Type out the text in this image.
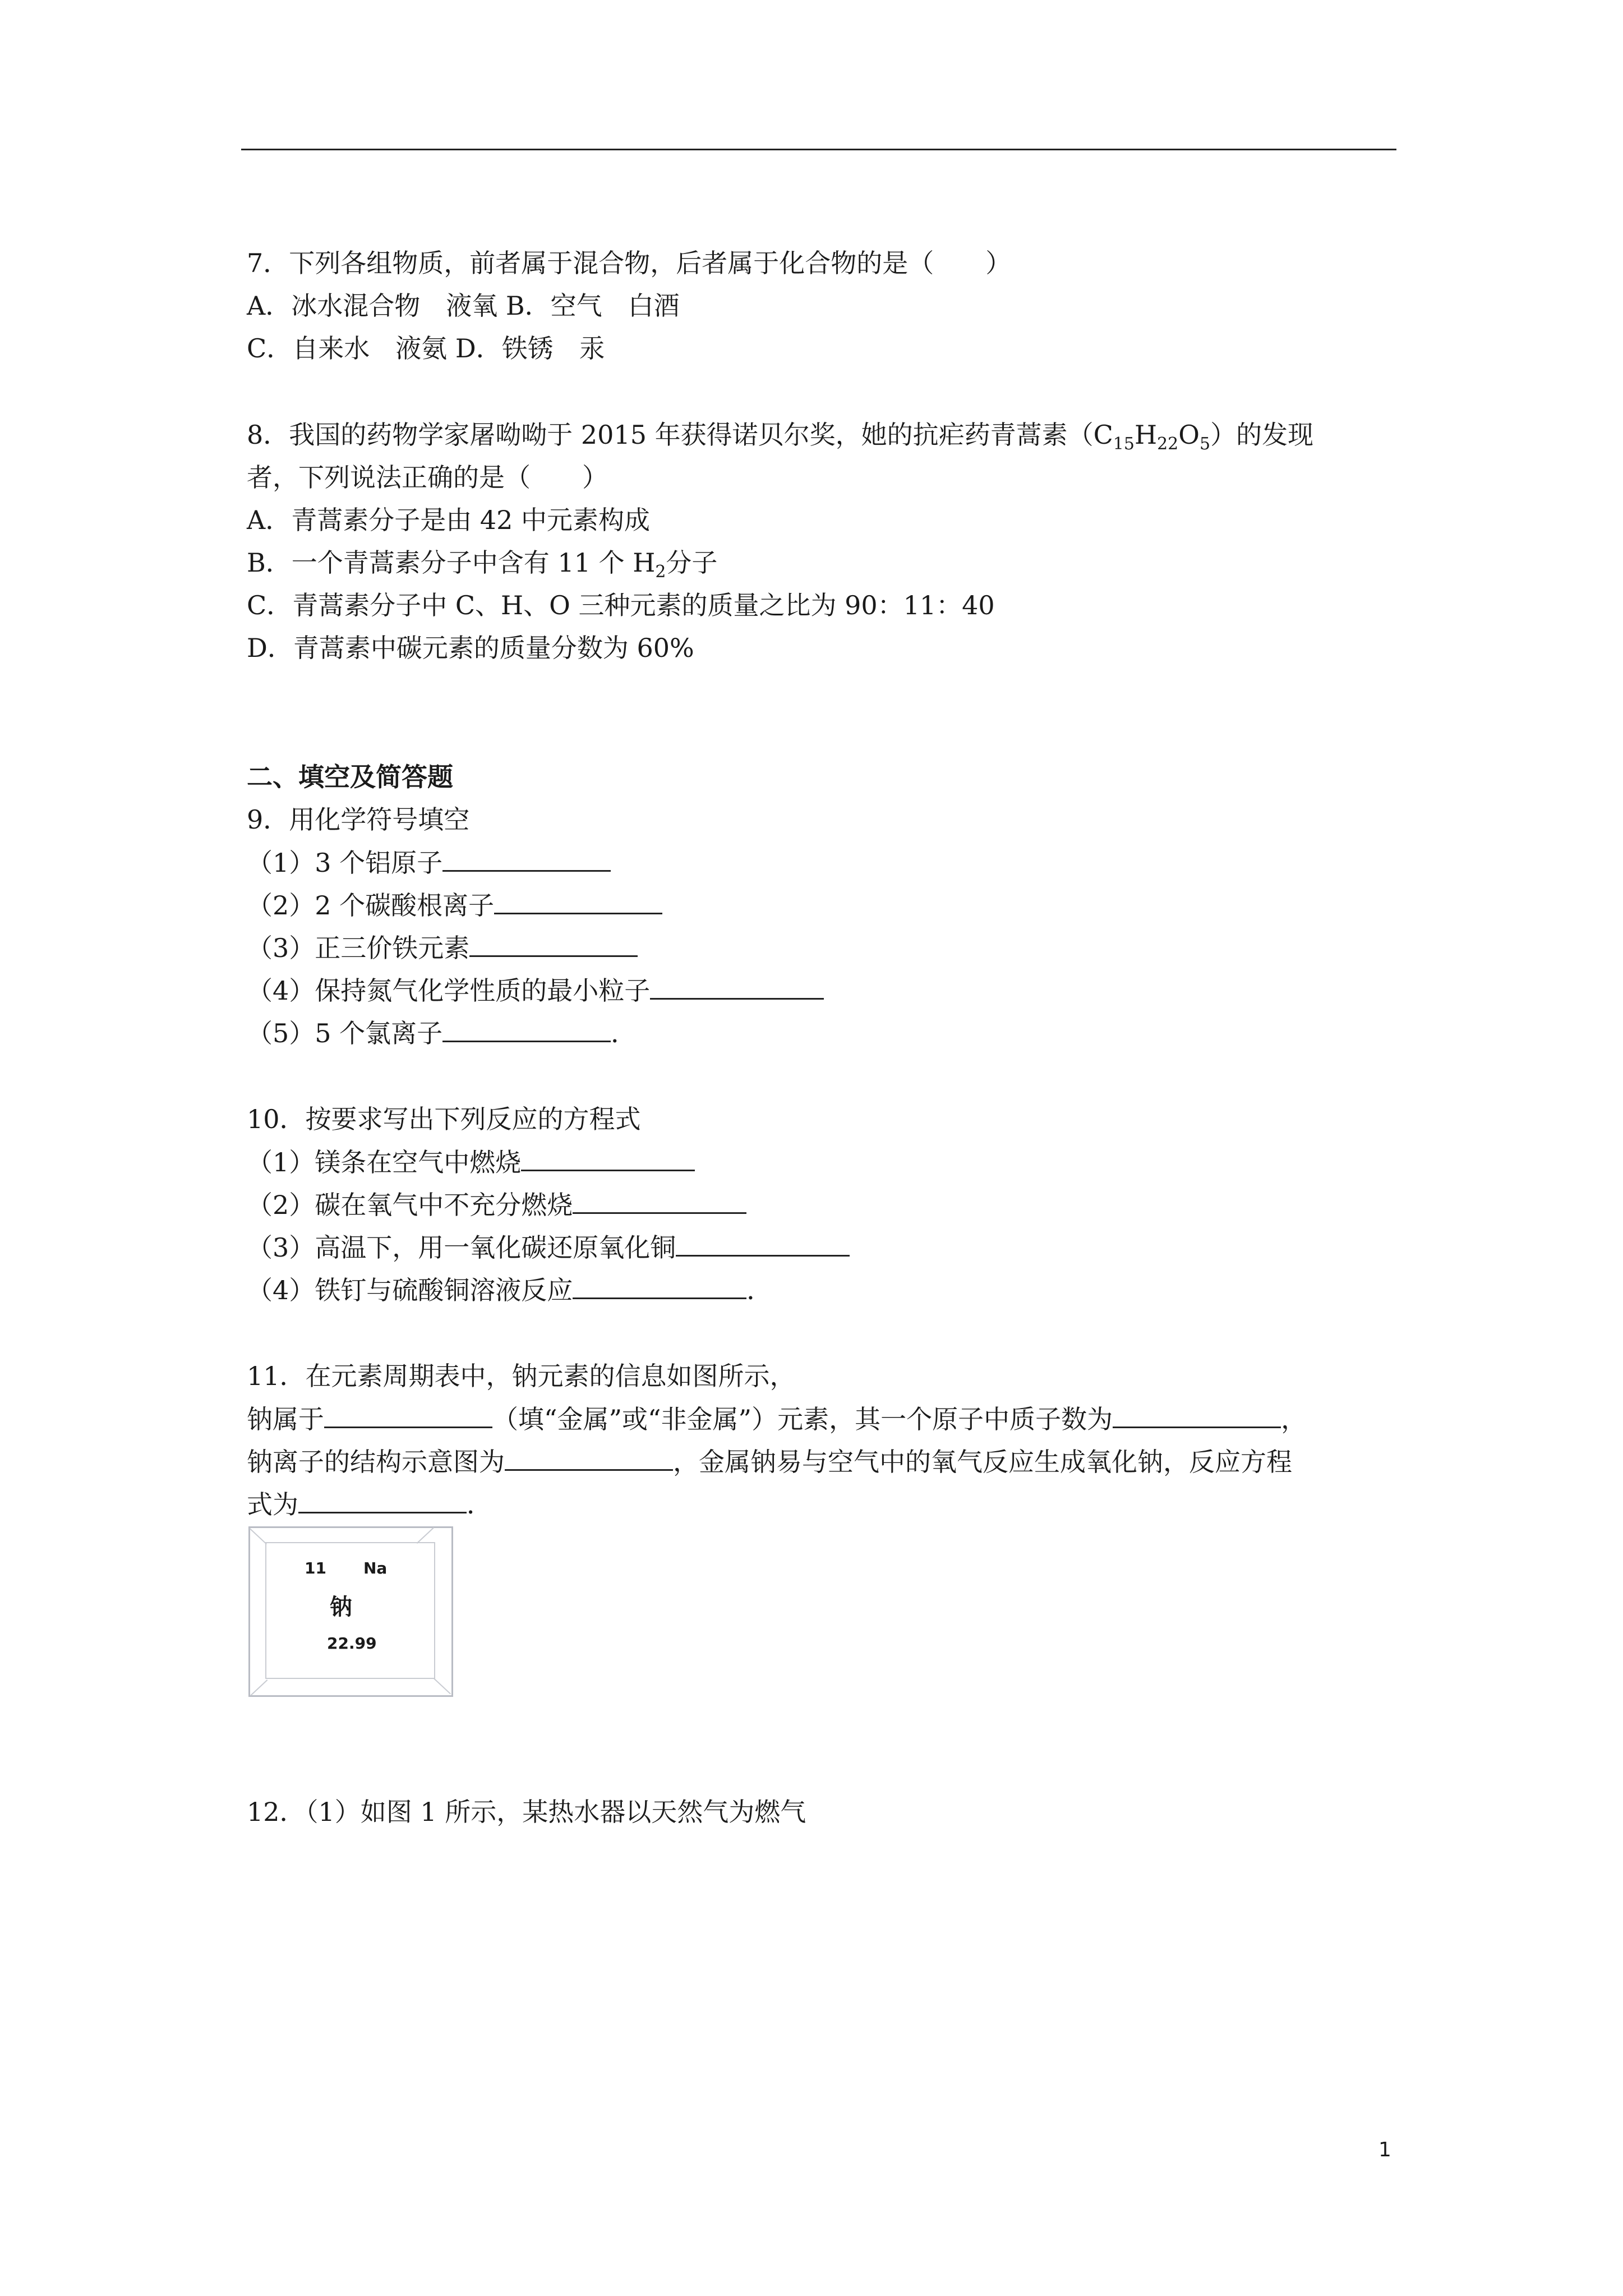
7．下列各组物质，前者属于混合物，后者属于化合物的是（　　）
A．冰水混合物　液氧 B．空气　白酒
C．自来水　液氨 D．铁锈　汞
8．我国的药物学家屠呦呦于 2015 年获得诺贝尔奖，她的抗疟药青蒿素$(C_{15}H_{22}O_5)$的发现
者，下列说法正确的是（　　）
A．青蒿素分子是由 42 中元素构成
B．一个青蒿素分子中含有 11 个 $H_2$分子
C．青蒿素分子中 C、H、O 三种元素的质量之比为 90：11：40
D．青蒿素中碳元素的质量分数为 60%
二、填空及简答题
9．用化学符号填空
（1）3 个铝原子
（2）2 个碳酸根离子
（3）正三价铁元素
（4）保持氮气化学性质的最小粒子
（5）5 个氯离子	．
10．按要求写出下列反应的方程式
（1）镁条在空气中燃烧
（2）碳在氧气中不充分燃烧
（3）高温下，用一氧化碳还原氧化铜
（4）铁钉与硫酸铜溶液反应	．
11．在元素周期表中，钠元素的信息如图所示，
钠属于	（填“金属”或“非金属”）元素，其一个原子中质子数为	，
钠离子的结构示意图为	，金属钠易与空气中的氧气反应生成氧化钠，反应方程
式为	．
11 Na
钠
22.99
12．（1）如图 1 所示，某热水器以天然气为燃气
1
